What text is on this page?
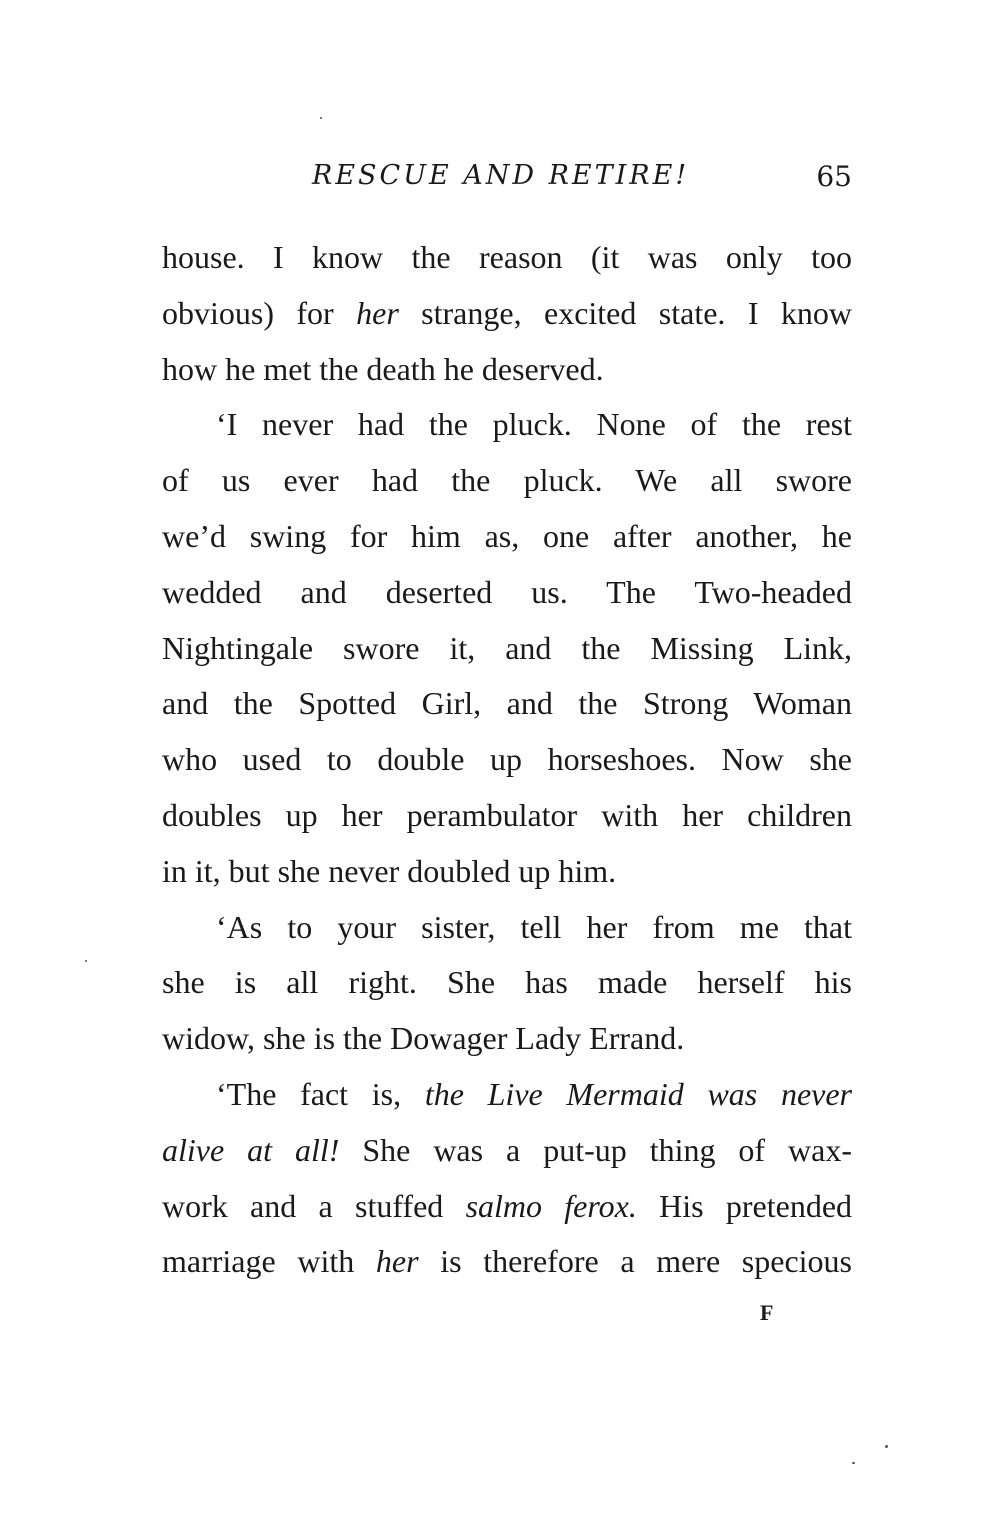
RESCUE AND RETIRE!	65
house. I know the reason (it was only too
obvious) for her strange, excited state. I know
how he met the death he deserved.
‘I never had the pluck. None of the rest
of us ever had the pluck. We all swore
we’d swing for him as, one after another, he
wedded and deserted us. The Two-headed
Nightingale swore it, and the Missing Link,
and the Spotted Girl, and the Strong Woman
who used to double up horseshoes. Now she
doubles up her perambulator with her children
in it, but she never doubled up him.
‘As to your sister, tell her from me that
she is all right. She has made herself his
widow, she is the Dowager Lady Errand.
‘The fact is, the Live Mermaid was never
alive at all! She was a put-up thing of wax-
work and a stuffed salmo ferox. His pretended
marriage with her is therefore a mere specious
F
